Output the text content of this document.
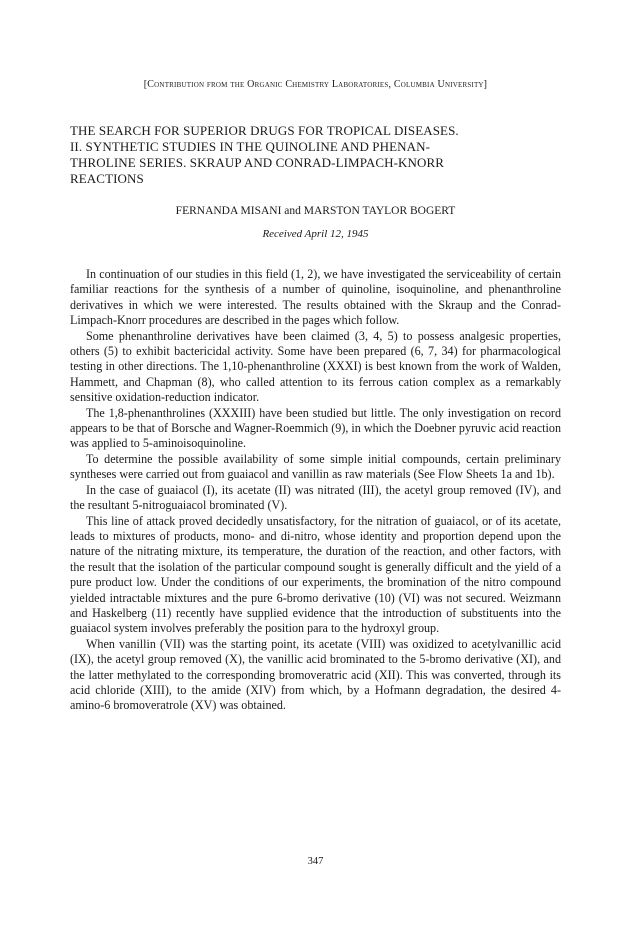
[Contribution from the Organic Chemistry Laboratories, Columbia University]
THE SEARCH FOR SUPERIOR DRUGS FOR TROPICAL DISEASES.
II. SYNTHETIC STUDIES IN THE QUINOLINE AND PHENAN-
THROLINE SERIES. SKRAUP AND CONRAD-LIMPACH-KNORR
REACTIONS
FERNANDA MISANI and MARSTON TAYLOR BOGERT
Received April 12, 1945

In continuation of our studies in this field (1, 2), we have investigated the serviceability of certain familiar reactions for the synthesis of a number of quinoline, isoquinoline, and phenanthroline derivatives in which we were interested. The results obtained with the Skraup and the Conrad-Limpach-Knorr procedures are described in the pages which follow.

Some phenanthroline derivatives have been claimed (3, 4, 5) to possess analgesic properties, others (5) to exhibit bactericidal activity. Some have been prepared (6, 7, 34) for pharmacological testing in other directions. The 1,10-phenanthroline (XXXI) is best known from the work of Walden, Hammett, and Chapman (8), who called attention to its ferrous cation complex as a remarkably sensitive oxidation-reduction indicator.

The 1,8-phenanthrolines (XXXIII) have been studied but little. The only investigation on record appears to be that of Borsche and Wagner-Roemmich (9), in which the Doebner pyruvic acid reaction was applied to 5-aminoisoquinoline.

To determine the possible availability of some simple initial compounds, certain preliminary syntheses were carried out from guaiacol and vanillin as raw materials (See Flow Sheets 1a and 1b).

In the case of guaiacol (I), its acetate (II) was nitrated (III), the acetyl group removed (IV), and the resultant 5-nitroguaiacol brominated (V).

This line of attack proved decidedly unsatisfactory, for the nitration of guaiacol, or of its acetate, leads to mixtures of products, mono- and di-nitro, whose identity and proportion depend upon the nature of the nitrating mixture, its temperature, the duration of the reaction, and other factors, with the result that the isolation of the particular compound sought is generally difficult and the yield of a pure product low. Under the conditions of our experiments, the bromination of the nitro compound yielded intractable mixtures and the pure 6-bromo derivative (10) (VI) was not secured. Weizmann and Haskelberg (11) recently have supplied evidence that the introduction of substituents into the guaiacol system involves preferably the position para to the hydroxyl group.

When vanillin (VII) was the starting point, its acetate (VIII) was oxidized to acetylvanillic acid (IX), the acetyl group removed (X), the vanillic acid brominated to the 5-bromo derivative (XI), and the latter methylated to the corresponding bromoveratric acid (XII). This was converted, through its acid chloride (XIII), to the amide (XIV) from which, by a Hofmann degradation, the desired 4-amino-6 bromoveratrole (XV) was obtained.

347
